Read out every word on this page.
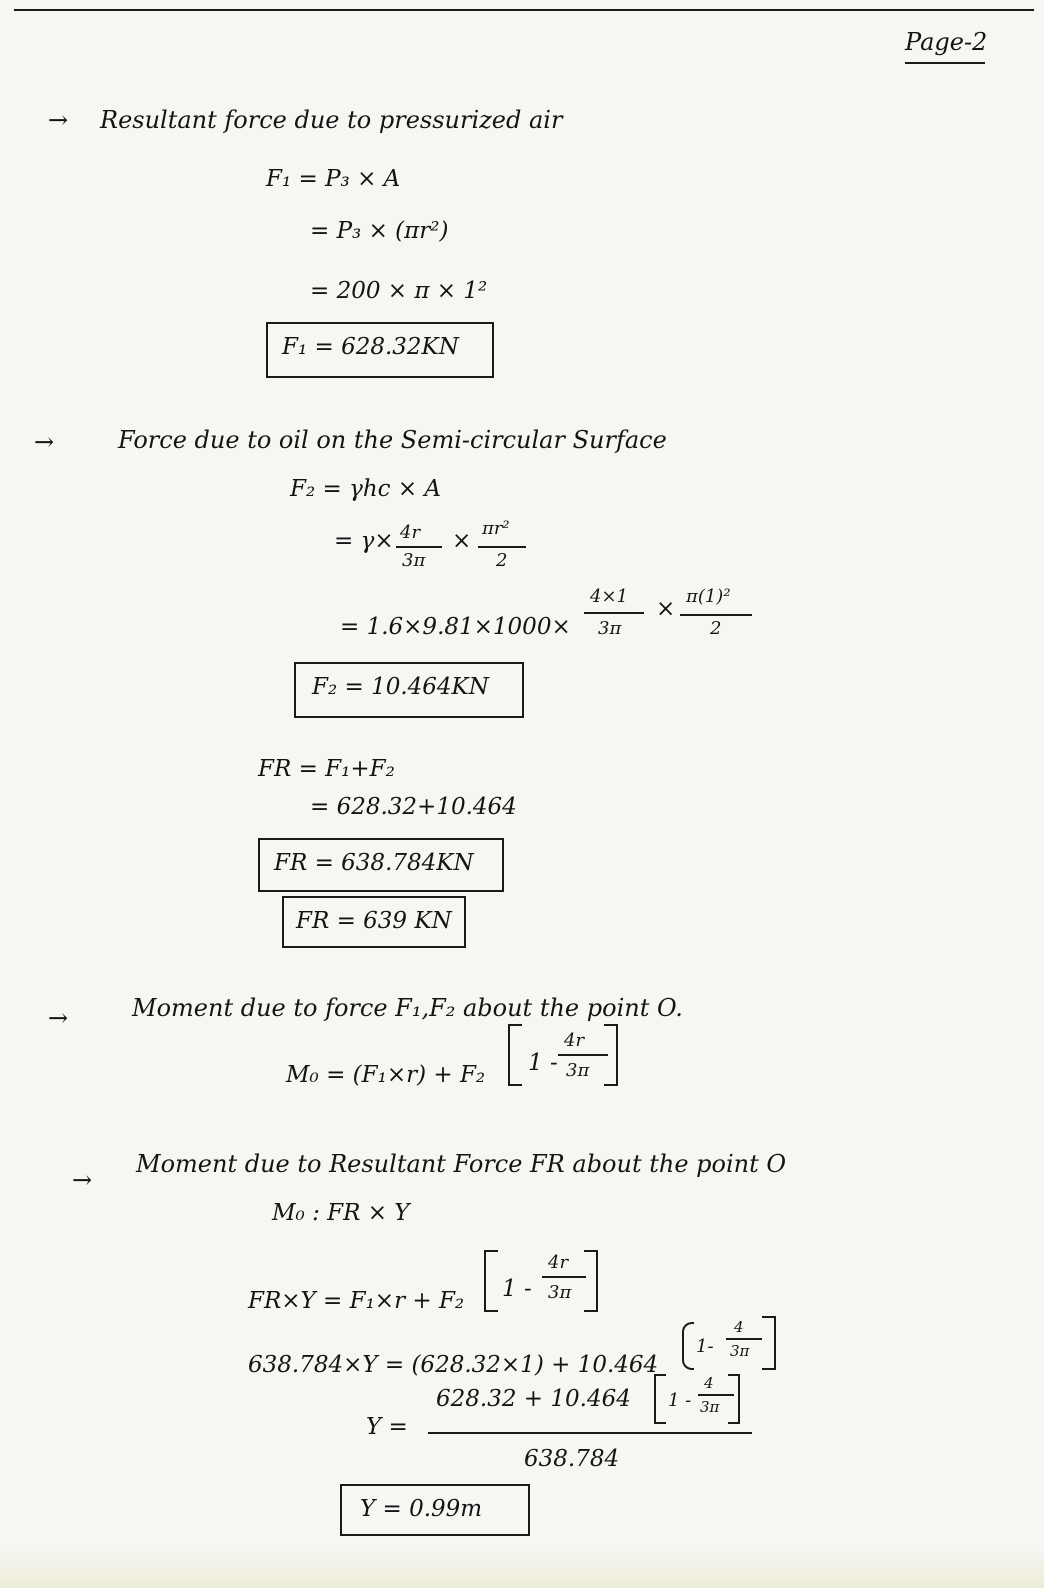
Page-2
→ Resultant force due to pressurized air
F₁ = P₃ × A
= P₃ × (πr²)
= 200 × π × 1²
F₁ = 628.32KN
→	Force due to oil on the Semi-circular Surface
F₂ = γhc × A
= γ× 4r
3π
× πr²
2
= 1.6×9.81×1000×
4×1
3π
× π(1)²
2
F₂ = 10.464KN
FR = F₁+F₂
= 628.32+10.464
FR = 638.784KN
FR = 639 KN
→	Moment due to force F₁,F₂ about the point O.
M₀ = (F₁×r) + F₂ 1 -
4r
3π
→
Moment due to Resultant Force FR about the point O
M₀ : FR × Y
FR×Y = F₁×r + F₂ 1 -
4r
3π
638.784×Y = (628.32×1) + 10.464
1-
4
3π
Y =
628.32 + 10.464 1 -
4
3π
638.784
Y = 0.99m
